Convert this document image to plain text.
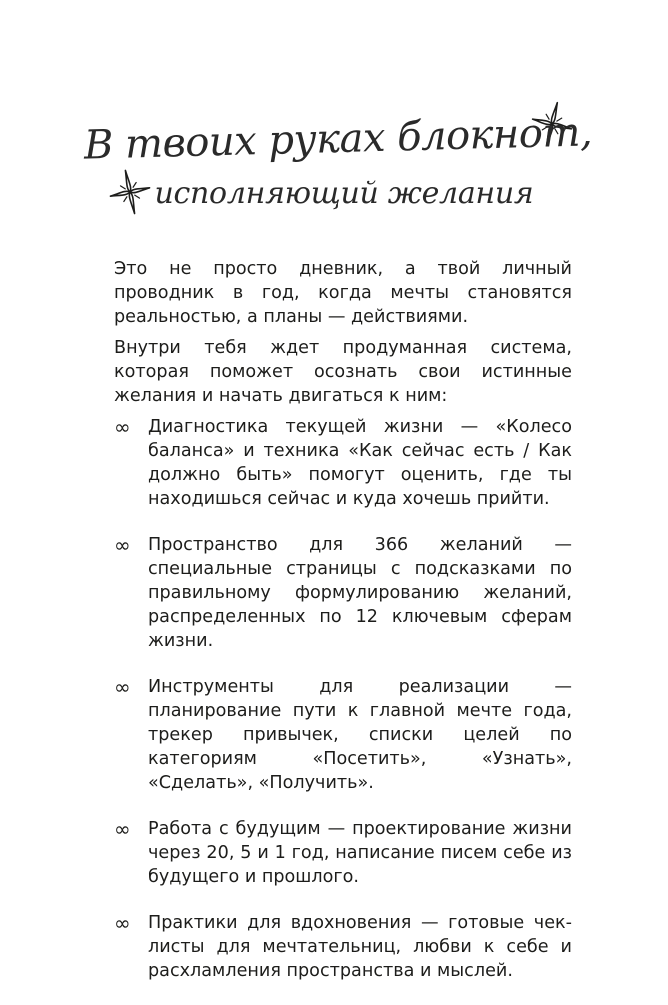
В твоих руках блокнот,
исполняющий желания

Это не просто дневник, а твой личный проводник в год, когда мечты становятся реальностью, а планы — действиями.

Внутри тебя ждет продуманная система, которая поможет осознать свои истинные желания и начать двигаться к ним:

∞ Диагностика текущей жизни — «Колесо баланса» и техника «Как сейчас есть / Как должно быть» помогут оценить, где ты находишься сейчас и куда хочешь прийти.
∞ Пространство для 366 желаний — специальные страницы с подсказками по правильному формулированию желаний, распределенных по 12 ключевым сферам жизни.
∞ Инструменты для реализации — планирование пути к главной мечте года, трекер привычек, списки целей по категориям «Посетить», «Узнать», «Сделать», «Получить».
∞ Работа с будущим — проектирование жизни через 20, 5 и 1 год, написание писем себе из будущего и прошлого.
∞ Практики для вдохновения — готовые чек-листы для мечтательниц, любви к себе и расхламления пространства и мыслей.
